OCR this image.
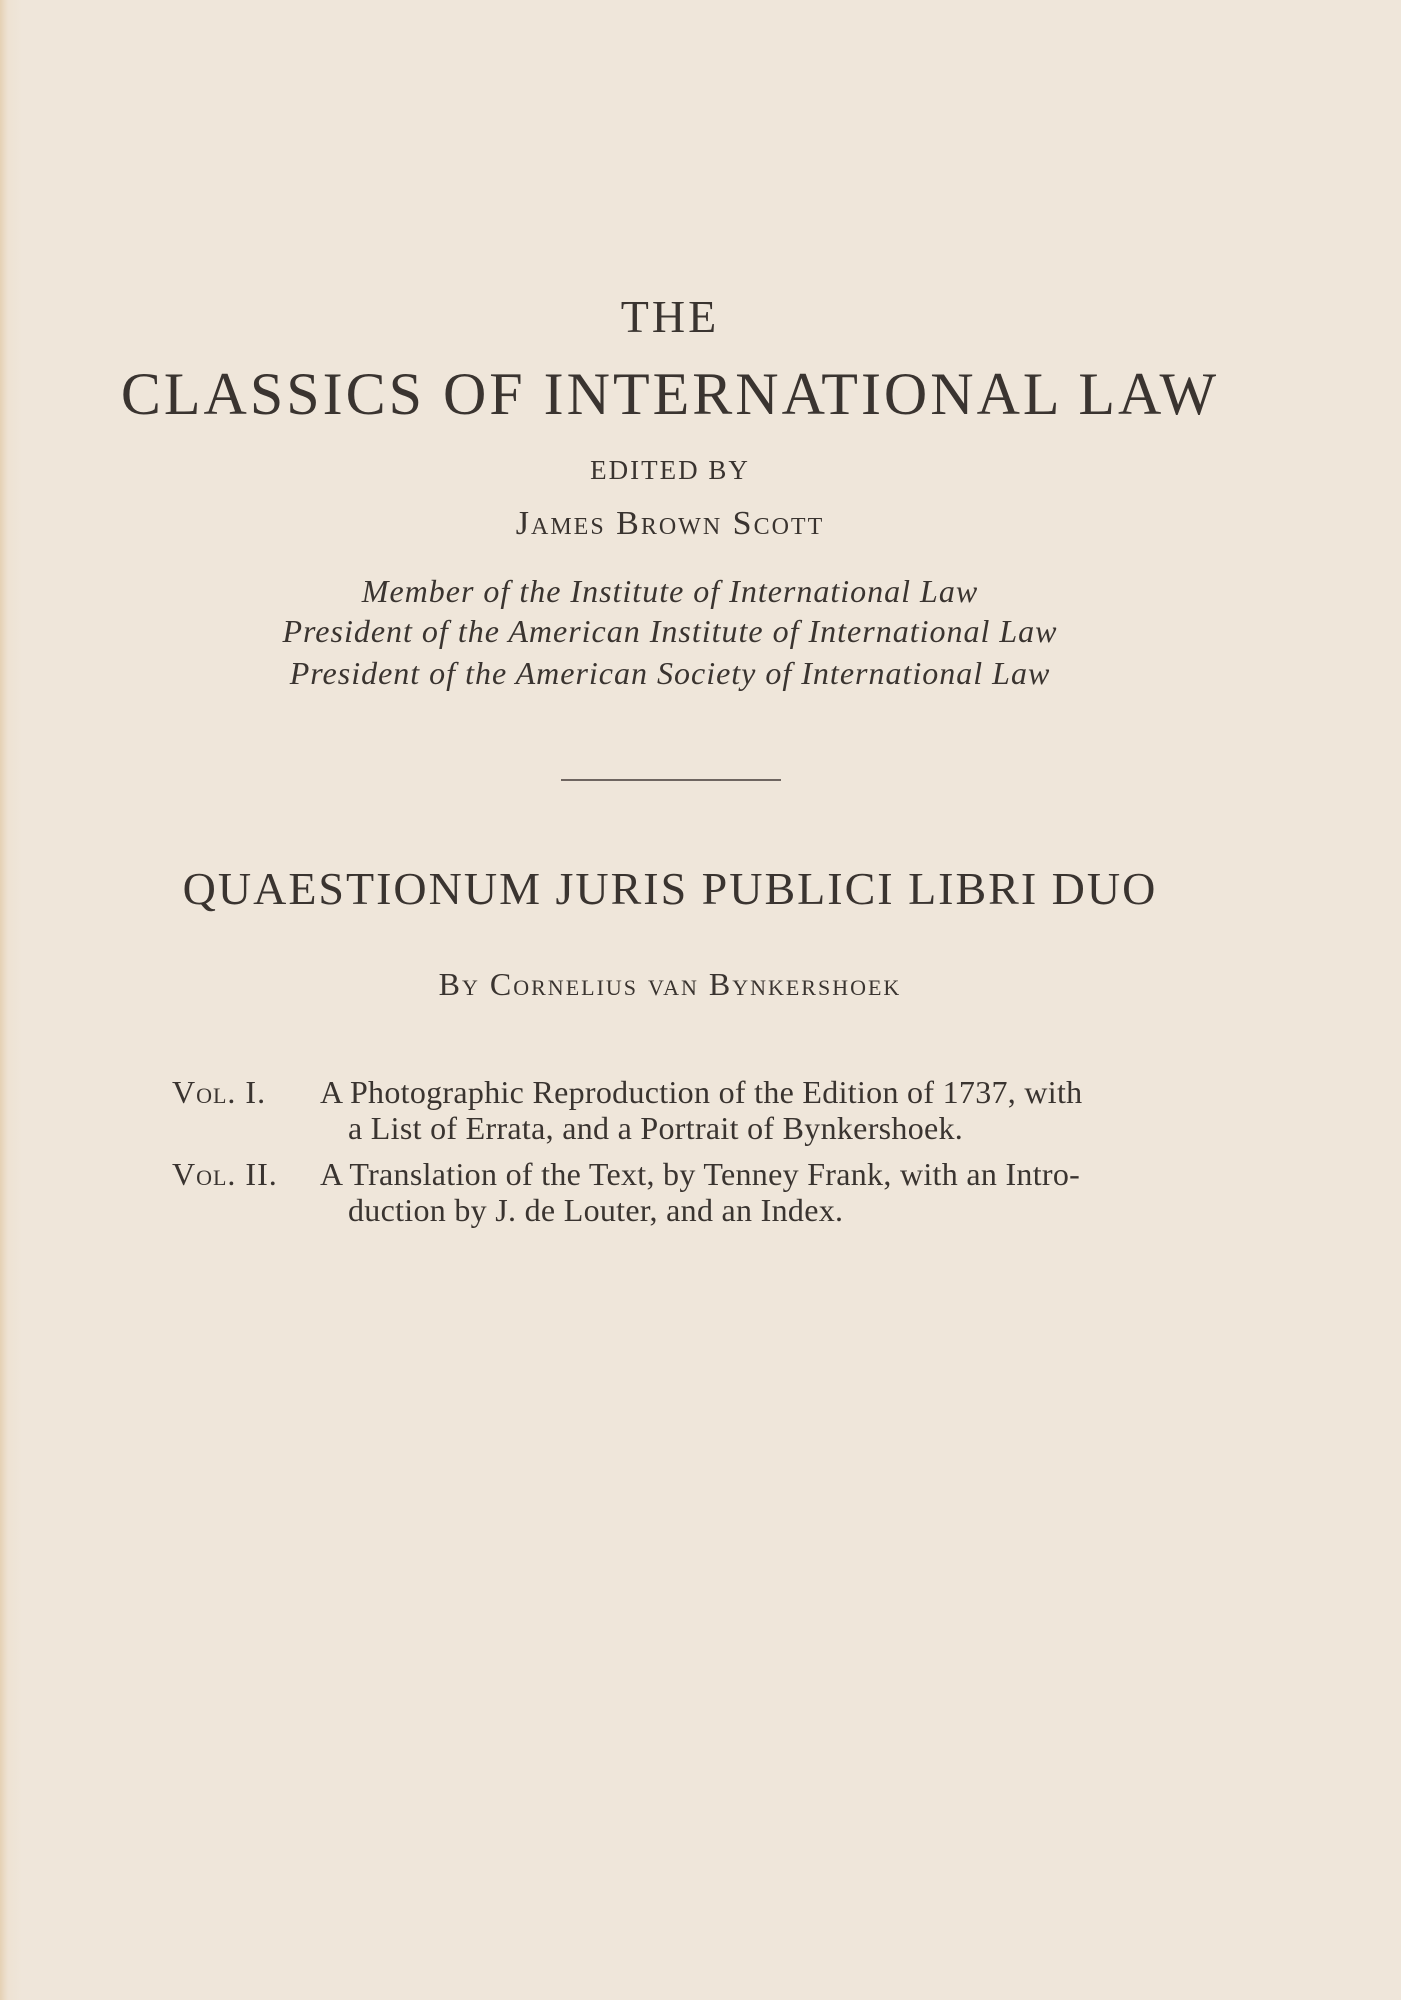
THE
CLASSICS OF INTERNATIONAL LAW
EDITED BY
James Brown Scott
Member of the Institute of International Law
President of the American Institute of International Law
President of the American Society of International Law
QUAESTIONUM JURIS PUBLICI LIBRI DUO
By Cornelius van Bynkershoek
Vol. I. A Photographic Reproduction of the Edition of 1737, with
a List of Errata, and a Portrait of Bynkershoek.
Vol. II. A Translation of the Text, by Tenney Frank, with an Intro-
duction by J. de Louter, and an Index.
